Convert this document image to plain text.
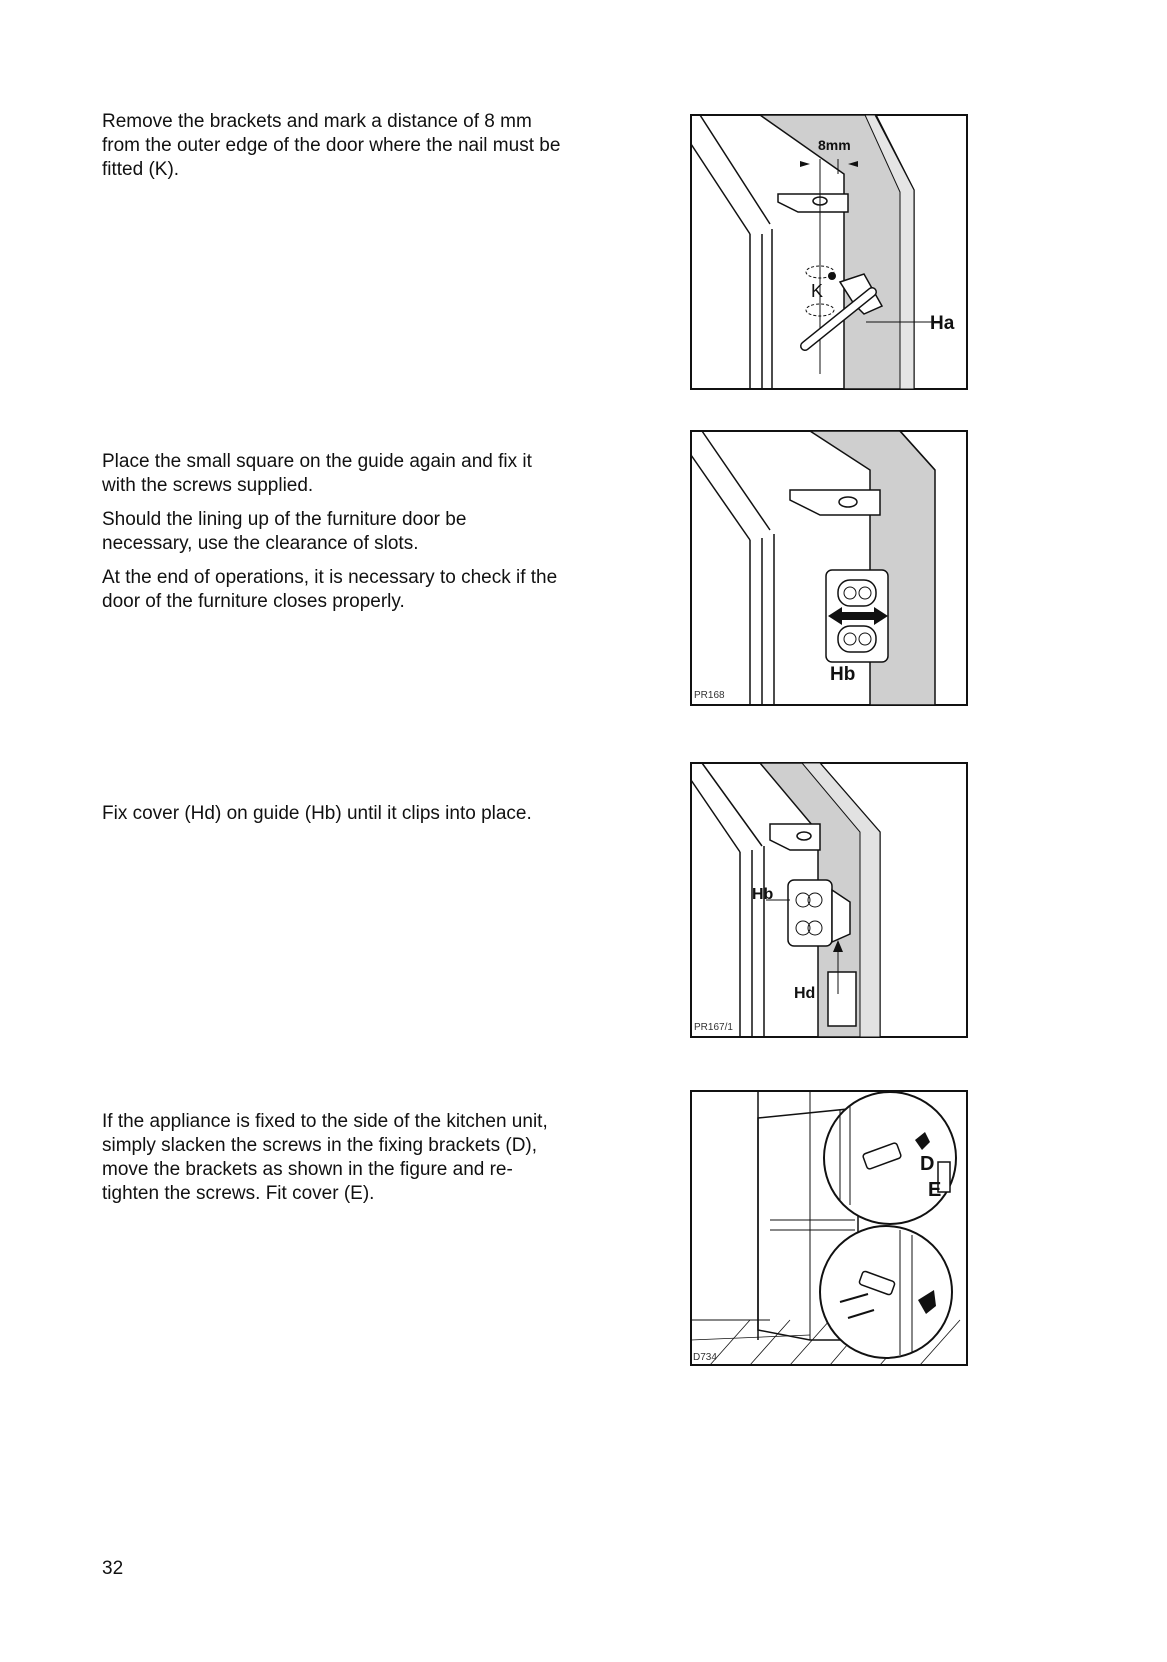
Remove the brackets and mark a distance of 8 mm from the outer edge of the door where the nail must be fitted (K).

8mm
K
Ha

Place the small square on the guide again and fix it with the screws supplied.

Should the lining up of the furniture door be necessary, use the clearance of slots.

At the end of operations, it is necessary to check if the door of the furniture closes properly.

Hb
PR168

Fix cover (Hd) on guide (Hb) until it clips into place.

Hb
Hd
PR167/1

If the appliance is fixed to the side of the kitchen unit, simply slacken the screws in the fixing brackets (D), move the brackets as shown in the figure and re-tighten the screws. Fit cover (E).

D
E
D734
32
